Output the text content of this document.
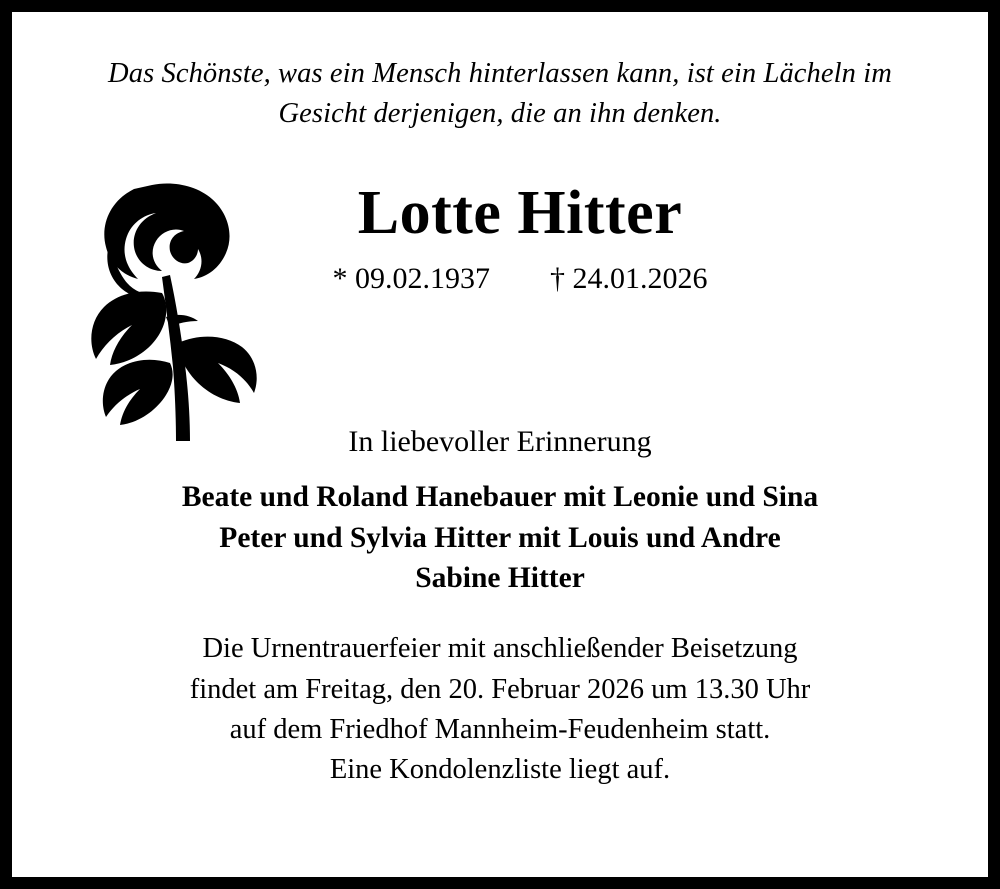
Das Schönste, was ein Mensch hinterlassen kann, ist ein Lächeln im Gesicht derjenigen, die an ihn denken.
Lotte Hitter
* 09.02.1937        † 24.01.2026
In liebevoller Erinnerung
Beate und Roland Hanebauer mit Leonie und Sina
Peter und Sylvia Hitter mit Louis und Andre
Sabine Hitter
Die Urnentrauerfeier mit anschließender Beisetzung
findet am Freitag, den 20. Februar 2026 um 13.30 Uhr
auf dem Friedhof Mannheim-Feudenheim statt.
Eine Kondolenzliste liegt auf.
